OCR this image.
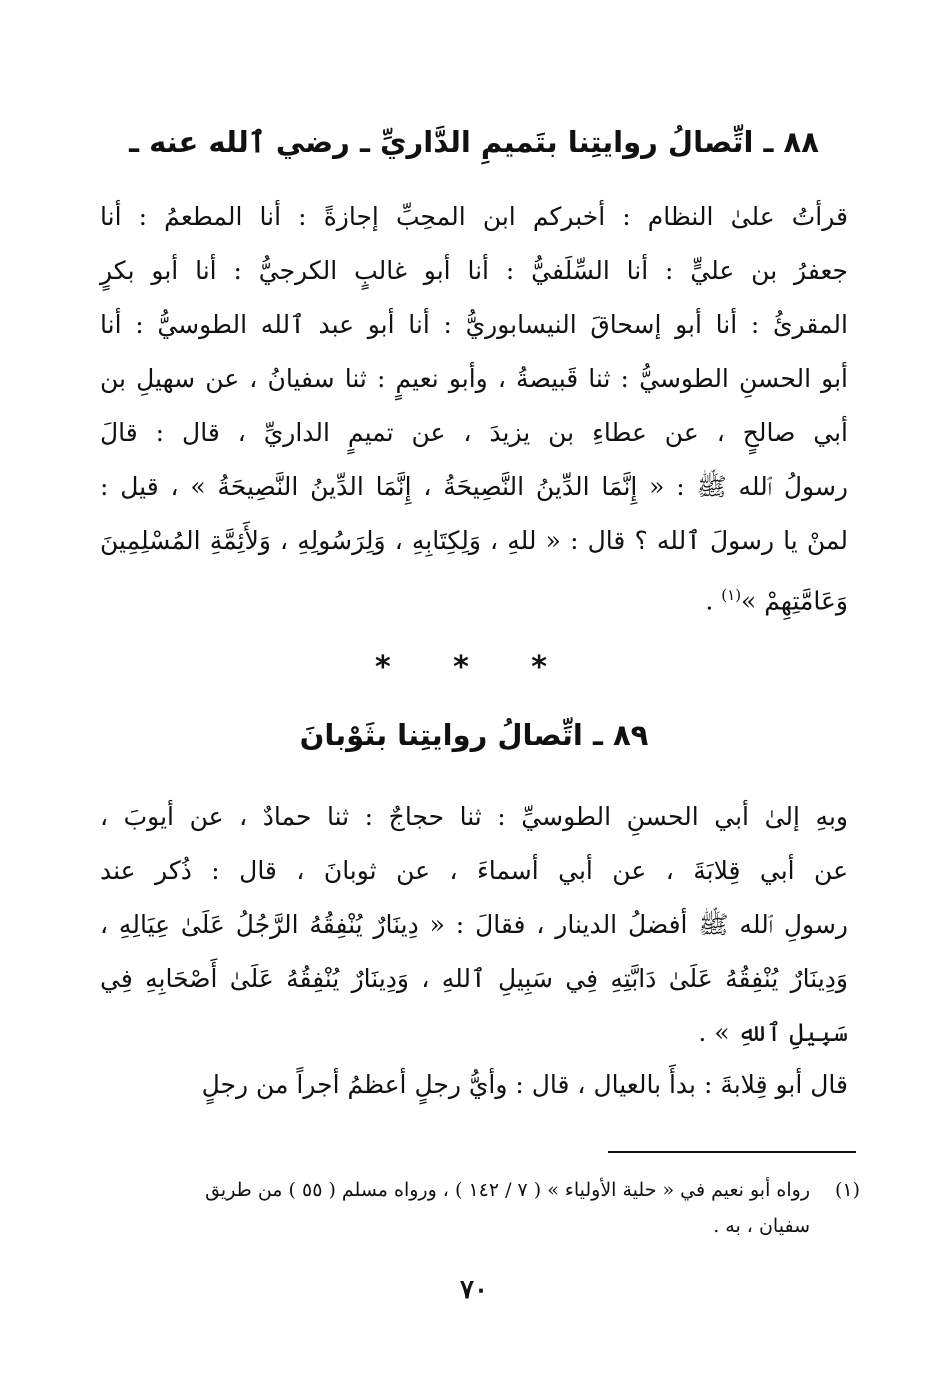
٨٨ ـ اتِّصالُ روايتِنا بتَميمِ الدَّاريِّ ـ رضي ٱلله عنه ـ
قرأتُ علىٰ النظام : أخبركم ابن المحِبِّ إجازةً : أنا المطعمُ : أنا
جعفرُ بن عليٍّ : أنا السِّلَفيُّ : أنا أبو غالبٍ الكرجيُّ : أنا أبو بكرٍ
المقرئُ : أنا أبو إسحاقَ النيسابوريُّ : أنا أبو عبد ٱلله الطوسيُّ : أنا
أبو الحسنِ الطوسيُّ : ثنا قَبيصةُ ، وأبو نعيمٍ : ثنا سفيانُ ، عن سهيلِ بن
أبي صالحٍ ، عن عطاءِ بن يزيدَ ، عن تميمٍ الداريِّ ، قال : قالَ
رسولُ ٱلله ﷺ : « إِنَّمَا الدِّينُ النَّصِيحَةُ ، إِنَّمَا الدِّينُ النَّصِيحَةُ » ، قيل :
لمنْ يا رسولَ ٱلله ؟ قال : « للهِ ، وَلِكِتَابِهِ ، وَلِرَسُولِهِ ، وَلأَئِمَّةِ المُسْلِمِينَ
وَعَامَّتِهِمْ »$^{(١)}$ .
* * *
٨٩ ـ اتِّصالُ روايتِنا بثَوْبانَ
وبهِ إلىٰ أبي الحسنِ الطوسيِّ : ثنا حجاجٌ : ثنا حمادٌ ، عن أيوبَ ،
عن أبي قِلابَةَ ، عن أبي أسماءَ ، عن ثوبانَ ، قال : ذُكر عند
رسولِ ٱلله ﷺ أفضلُ الدينار ، فقالَ : « دِينَارٌ يُنْفِقُهُ الرَّجُلُ عَلَىٰ عِيَالِهِ ،
وَدِينَارٌ يُنْفِقُهُ عَلَىٰ دَابَّتِهِ فِي سَبِيلِ ٱللهِ ، وَدِينَارٌ يُنْفِقُهُ عَلَىٰ أَصْحَابِهِ فِي
سَبِيلِ ٱللهِ » .
قال أبو قِلابةَ : بدأَ بالعيال ، قال : وأيُّ رجلٍ أعظمُ أجراً من رجلٍ
(١)رواه أبو نعيم في « حلية الأولياء » ( ٧ / ١٤٢ ) ، ورواه مسلم ( ٥٥ ) من طريق
سفيان ، به .
٧٠
